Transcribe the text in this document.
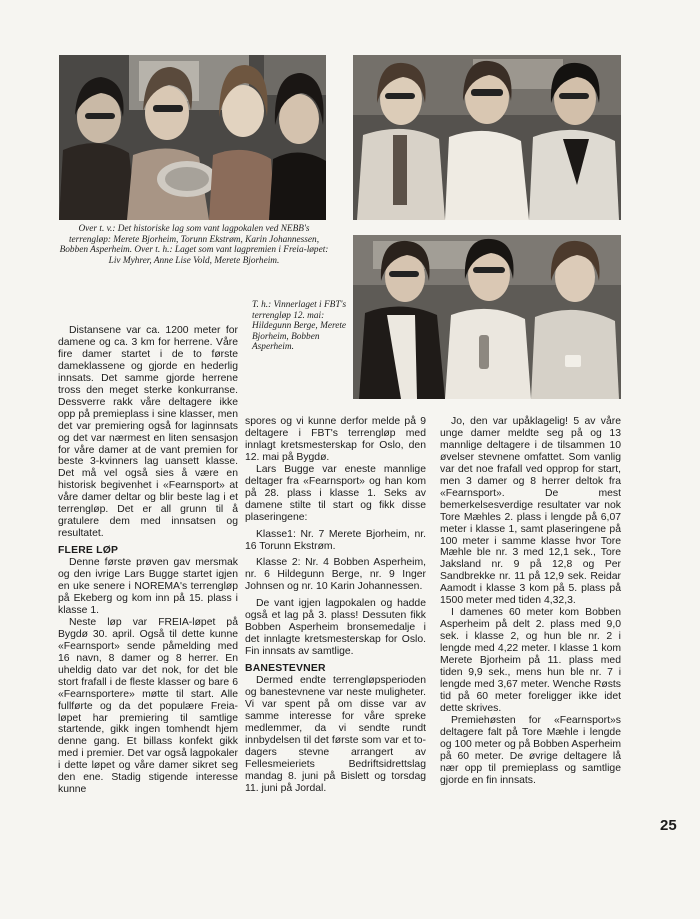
Over t. v.: Det historiske lag som vant lagpokalen ved NEBB's terrengløp: Merete Bjorheim, Torunn Ekstrøm, Karin Johannessen, Bobben Asperheim. Over t. h.: Laget som vant lagpremien i Freia-løpet: Liv Myhrer, Anne Lise Vold, Merete Bjorheim.
T. h.: Vinnerlaget i FBT's terrengløp 12. mai: Hildegunn Berge, Merete Bjorheim, Bobben Asperheim.

Distansene var ca. 1200 meter for damene og ca. 3 km for herrene. Våre fire damer startet i de to første dameklassene og gjorde en hederlig innsats. Det samme gjorde herrene tross den meget sterke konkurranse. Dessverre rakk våre deltagere ikke opp på premieplass i sine klasser, men det var premiering også for laginnsats og det var nærmest en liten sensasjon for våre damer at de vant premien for beste 3-kvinners lag uansett klasse. Det må vel også sies å være en historisk begivenhet i «Fearnsport» at våre damer deltar og blir beste lag i et terrengløp. Det er all grunn til å gratulere dem med innsatsen og resultatet.

FLERE LØP

Denne første prøven gav mersmak og den ivrige Lars Bugge startet igjen en uke senere i NOREMA's terrengløp på Ekeberg og kom inn på 15. plass i klasse 1.

Neste løp var FREIA-løpet på Bygdø 30. april. Også til dette kunne «Fearnsport» sende påmelding med 16 navn, 8 damer og 8 herrer. En uheldig dato var det nok, for det ble stort frafall i de fleste klasser og bare 6 «Fearnsportere» møtte til start. Alle fullførte og da det populære Freia-løpet har premiering til samtlige startende, gikk ingen tomhendt hjem denne gang. Et billass konfekt gikk med i premier. Det var også lagpokaler i dette løpet og våre damer sikret seg den ene. Stadig stigende interesse kunne

spores og vi kunne derfor melde på 9 deltagere i FBT's terrengløp med innlagt kretsmesterskap for Oslo, den 12. mai på Bygdø.

Lars Bugge var eneste mannlige deltager fra «Fearnsport» og han kom på 28. plass i klasse 1. Seks av damene stilte til start og fikk disse plaseringene:

Klasse1: Nr. 7 Merete Bjorheim, nr. 16 Torunn Ekstrøm.

Klasse 2: Nr. 4 Bobben Asperheim, nr. 6 Hildegunn Berge, nr. 9 Inger Johnsen og nr. 10 Karin Johannessen.

De vant igjen lagpokalen og hadde også et lag på 3. plass! Dessuten fikk Bobben Asperheim bronsemedalje i det innlagte kretsmesterskap for Oslo. Fin innsats av samtlige.

BANESTEVNER

Dermed endte terrengløpsperioden og banestevnene var neste muligheter. Vi var spent på om disse var av samme interesse for våre spreke medlemmer, da vi sendte rundt innbydelsen til det første som var et to-dagers stevne arrangert av Fellesmeieriets Bedriftsidrettslag mandag 8. juni på Bislett og torsdag 11. juni på Jordal.

Jo, den var upåklagelig! 5 av våre unge damer meldte seg på og 13 mannlige deltagere i de tilsammen 10 øvelser stevnene omfattet. Som vanlig var det noe frafall ved opprop for start, men 3 damer og 8 herrer deltok fra «Fearnsport». De mest bemerkelsesverdige resultater var nok Tore Mæhles 2. plass i lengde på 6,07 meter i klasse 1, samt plaseringene på 100 meter i samme klasse hvor Tore Mæhle ble nr. 3 med 12,1 sek., Tore Jaksland nr. 9 på 12,8 og Per Sandbrekke nr. 11 på 12,9 sek. Reidar Aamodt i klasse 3 kom på 5. plass på 1500 meter med tiden 4,32,3.

I damenes 60 meter kom Bobben Asperheim på delt 2. plass med 9,0 sek. i klasse 2, og hun ble nr. 2 i lengde med 4,22 meter. I klasse 1 kom Merete Bjorheim på 11. plass med tiden 9,9 sek., mens hun ble nr. 7 i lengde med 3,67 meter. Wenche Røsts tid på 60 meter foreligger ikke idet dette skrives.

Premiehøsten for «Fearnsport»s deltagere falt på Tore Mæhle i lengde og 100 meter og på Bobben Asperheim på 60 meter. De øvrige deltagere lå nær opp til premieplass og samtlige gjorde en fin innsats.

25
